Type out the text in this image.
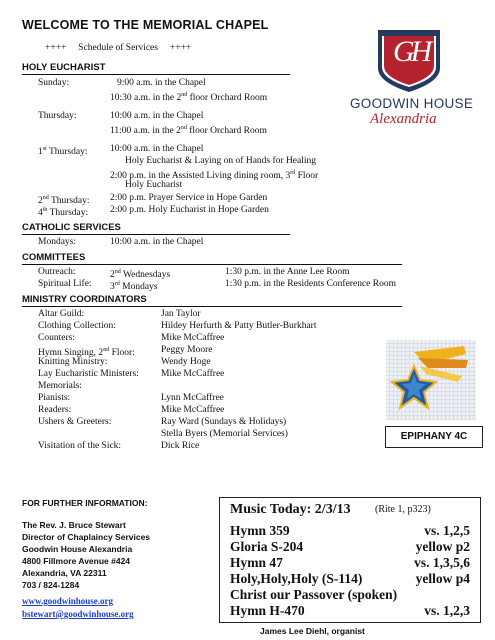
WELCOME TO THE MEMORIAL CHAPEL
++++     Schedule of Services     ++++
HOLY EUCHARIST
Sunday:	9:00 a.m. in the Chapel
10:30 a.m. in the 2nd floor Orchard Room
Thursday:	10:00 a.m. in the Chapel
11:00 a.m. in the 2nd floor Orchard Room
1st Thursday: 10:00 a.m. in the Chapel
Holy Eucharist & Laying on of Hands for Healing
2:00 p.m. in the Assisted Living dining room, 3rd Floor
Holy Eucharist
2nd Thursday: 2:00 p.m. Prayer Service in Hope Garden
4th Thursday: 2:00 p.m. Holy Eucharist in Hope Garden
CATHOLIC SERVICES
Mondays:	10:00 a.m. in the Chapel
COMMITTEES
Outreach:	2nd Wednesdays	1:30 p.m. in the Anne Lee Room
Spiritual Life: 3rd Mondays	1:30 p.m. in the Residents Conference Room
MINISTRY COORDINATORS
Altar Guild:	Jan Taylor
Clothing Collection:	Hildey Herfurth & Patty Butler-Burkhart
Counters:	Mike McCaffree
Hymn Singing, 2nd Floor:	Peggy Moore
Knitting Ministry:	Wendy Hoge
Lay Eucharistic Ministers: Mike McCaffree
Memorials:
Pianists:	Lynn McCaffree
Readers:	Mike McCaffree
Ushers & Greeters:	Ray Ward (Sundays & Holidays)
Stella Byers (Memorial Services)
Visitation of the Sick:	Dick Rice
FOR FURTHER INFORMATION:
The Rev. J. Bruce Stewart
Director of Chaplaincy Services
Goodwin House Alexandria
4800 Fillmore Avenue #424
Alexandria, VA 22311
703 / 824-1284
www.goodwinhouse.org
bstewart@goodwinhouse.org
GH
GOODWIN HOUSE
Alexandria
EPIPHANY 4C
Music Today: 2/3/13 (Rite 1, p323)
Hymn 359	vs. 1,2,5
Gloria S-204	yellow p2
Hymn 47	vs. 1,3,5,6
Holy,Holy,Holy (S-114)	yellow p4
Christ our Passover (spoken)
Hymn H-470	vs. 1,2,3
James Lee Diehl, organist
